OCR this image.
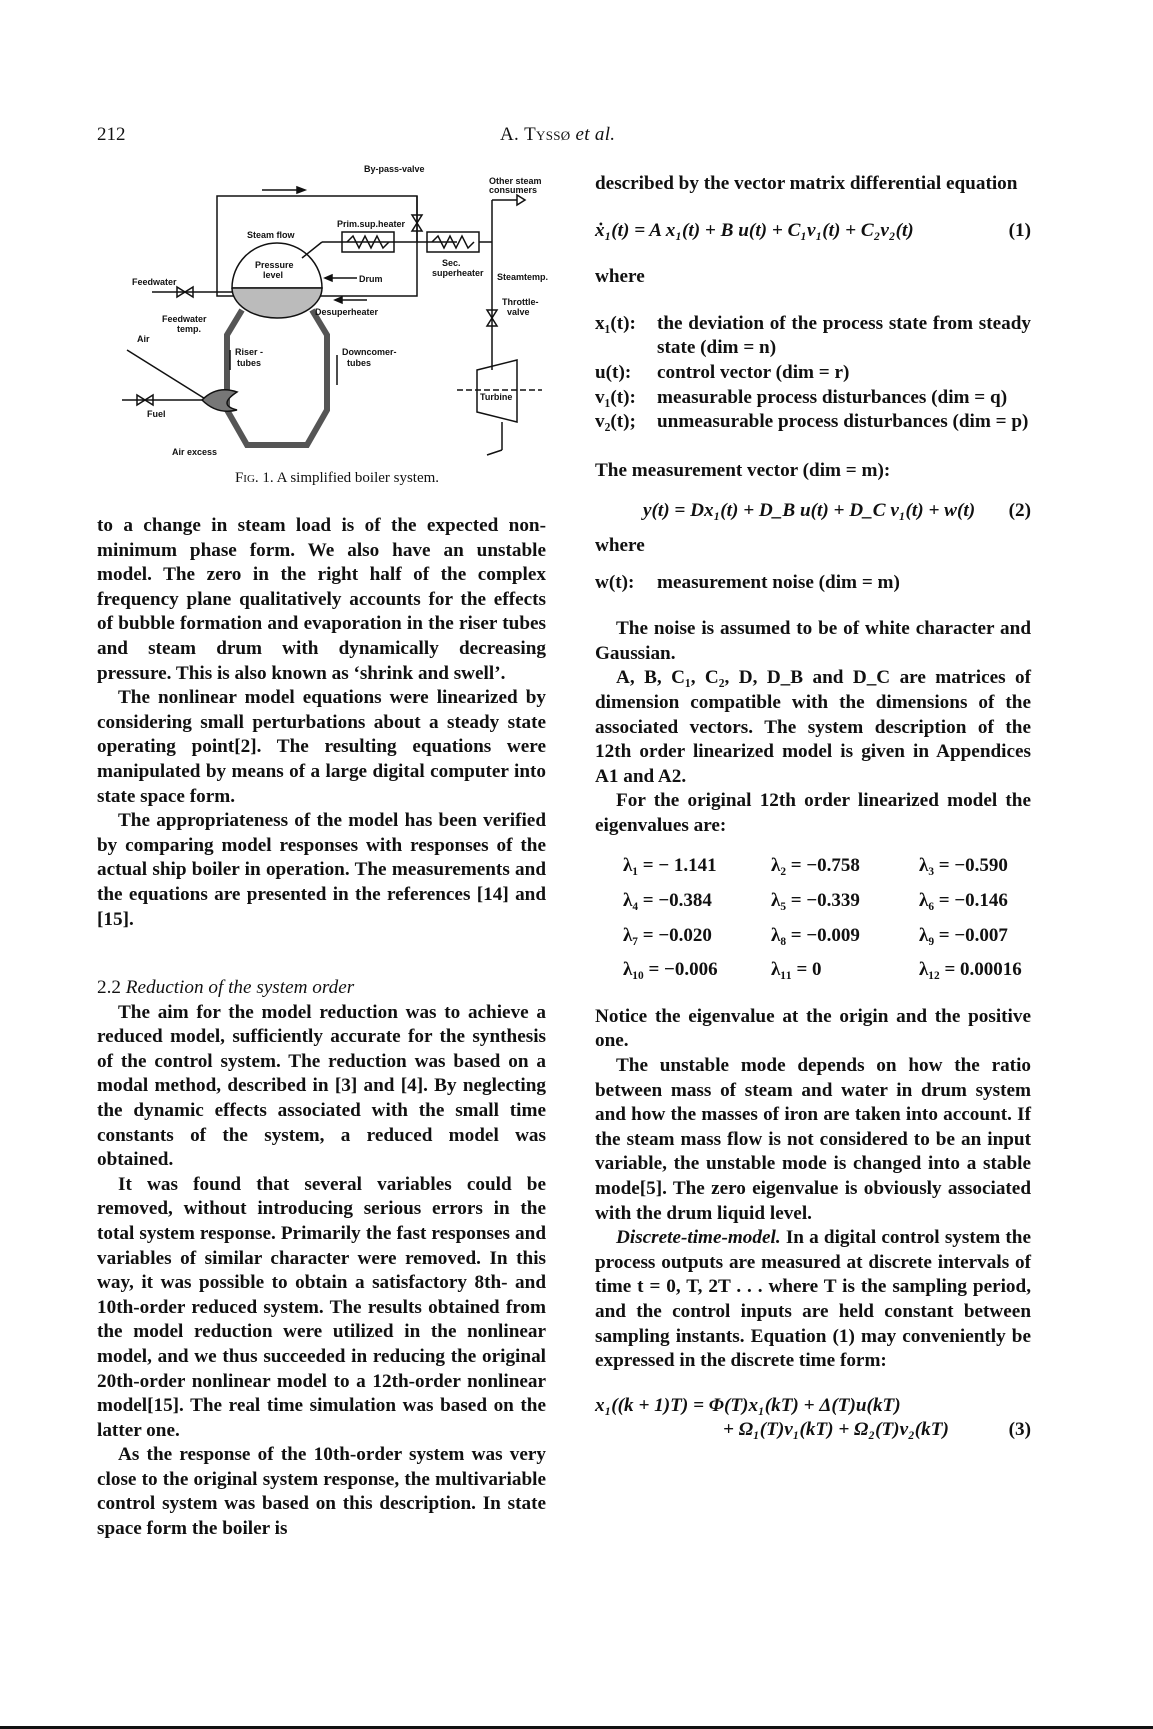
212	A. Tyssø et al.
By-pass-valve
Other steam
consumers
Prim.sup.heater
Steam flow
Pressure
level	Drum
Sec.
superheater Steamtemp.
Throttle-
valve
Feedwater
Desuperheater
Feedwater
temp.
Air
Riser -
tubes
Downcomer-
tubes
Turbine
Fuel
Air excess
Fig. 1. A simplified boiler system.

to a change in steam load is of the expected non-minimum phase form. We also have an unstable model. The zero in the right half of the complex frequency plane qualitatively accounts for the effects of bubble formation and evaporation in the riser tubes and steam drum with dynamically decreasing pressure. This is also known as ‘shrink and swell’.

The nonlinear model equations were linearized by considering small perturbations about a steady state operating point[2]. The resulting equations were manipulated by means of a large digital computer into state space form.

The appropriateness of the model has been verified by comparing model responses with responses of the actual ship boiler in operation. The measurements and the equations are presented in the references [14] and [15].

2.2 Reduction of the system order

The aim for the model reduction was to achieve a reduced model, sufficiently accurate for the synthesis of the control system. The reduction was based on a modal method, described in [3] and [4]. By neglecting the dynamic effects associated with the small time constants of the system, a reduced model was obtained.

It was found that several variables could be removed, without introducing serious errors in the total system response. Primarily the fast responses and variables of similar character were removed. In this way, it was possible to obtain a satisfactory 8th- and 10th-order reduced system. The results obtained from the model reduction were utilized in the nonlinear model, and we thus succeeded in reducing the original 20th-order nonlinear model to a 12th-order nonlinear model[15]. The real time simulation was based on the latter one.

As the response of the 10th-order system was very close to the original system response, the multivariable control system was based on this description. In state space form the boiler is

described by the vector matrix differential equation

ẋ₁(t) = A x₁(t) + B u(t) + C₁v₁(t) + C₂v₂(t)	(1)

where

x₁(t):	the deviation of the process state from steady state (dim = n)
u(t):	control vector (dim = r)
v₁(t):	measurable process disturbances (dim = q)
v₂(t);	unmeasurable process disturbances (dim = p)

The measurement vector (dim = m):

y(t) = Dx₁(t) + D_B u(t) + D_C v₁(t) + w(t) (2)

where

w(t):	measurement noise (dim = m)

The noise is assumed to be of white character and Gaussian.

A, B, C₁, C₂, D, D_B and D_C are matrices of dimension compatible with the dimensions of the associated vectors. The system description of the 12th order linearized model is given in Appendices A1 and A2.

For the original 12th order linearized model the eigenvalues are:

λ₁ = − 1.141	λ₂ = −0.758	λ₃ = −0.590
λ₄ = −0.384	λ₅ = −0.339	λ₆ = −0.146
λ₇ = −0.020	λ₈ = −0.009	λ₉ = −0.007
λ₁₀ = −0.006	λ₁₁ = 0	λ₁₂ = 0.00016

Notice the eigenvalue at the origin and the positive one.

The unstable mode depends on how the ratio between mass of steam and water in drum system and how the masses of iron are taken into account. If the steam mass flow is not considered to be an input variable, the unstable mode is changed into a stable mode[5]. The zero eigenvalue is obviously associated with the drum liquid level.

Discrete-time-model. In a digital control system the process outputs are measured at discrete intervals of time t = 0, T, 2T . . . where T is the sampling period, and the control inputs are held constant between sampling instants. Equation (1) may conveniently be expressed in the discrete time form:

x₁((k + 1)T) = Φ(T)x₁(kT) + Δ(T)u(kT)
+ Ω₁(T)v₁(kT) + Ω₂(T)v₂(kT)	(3)
